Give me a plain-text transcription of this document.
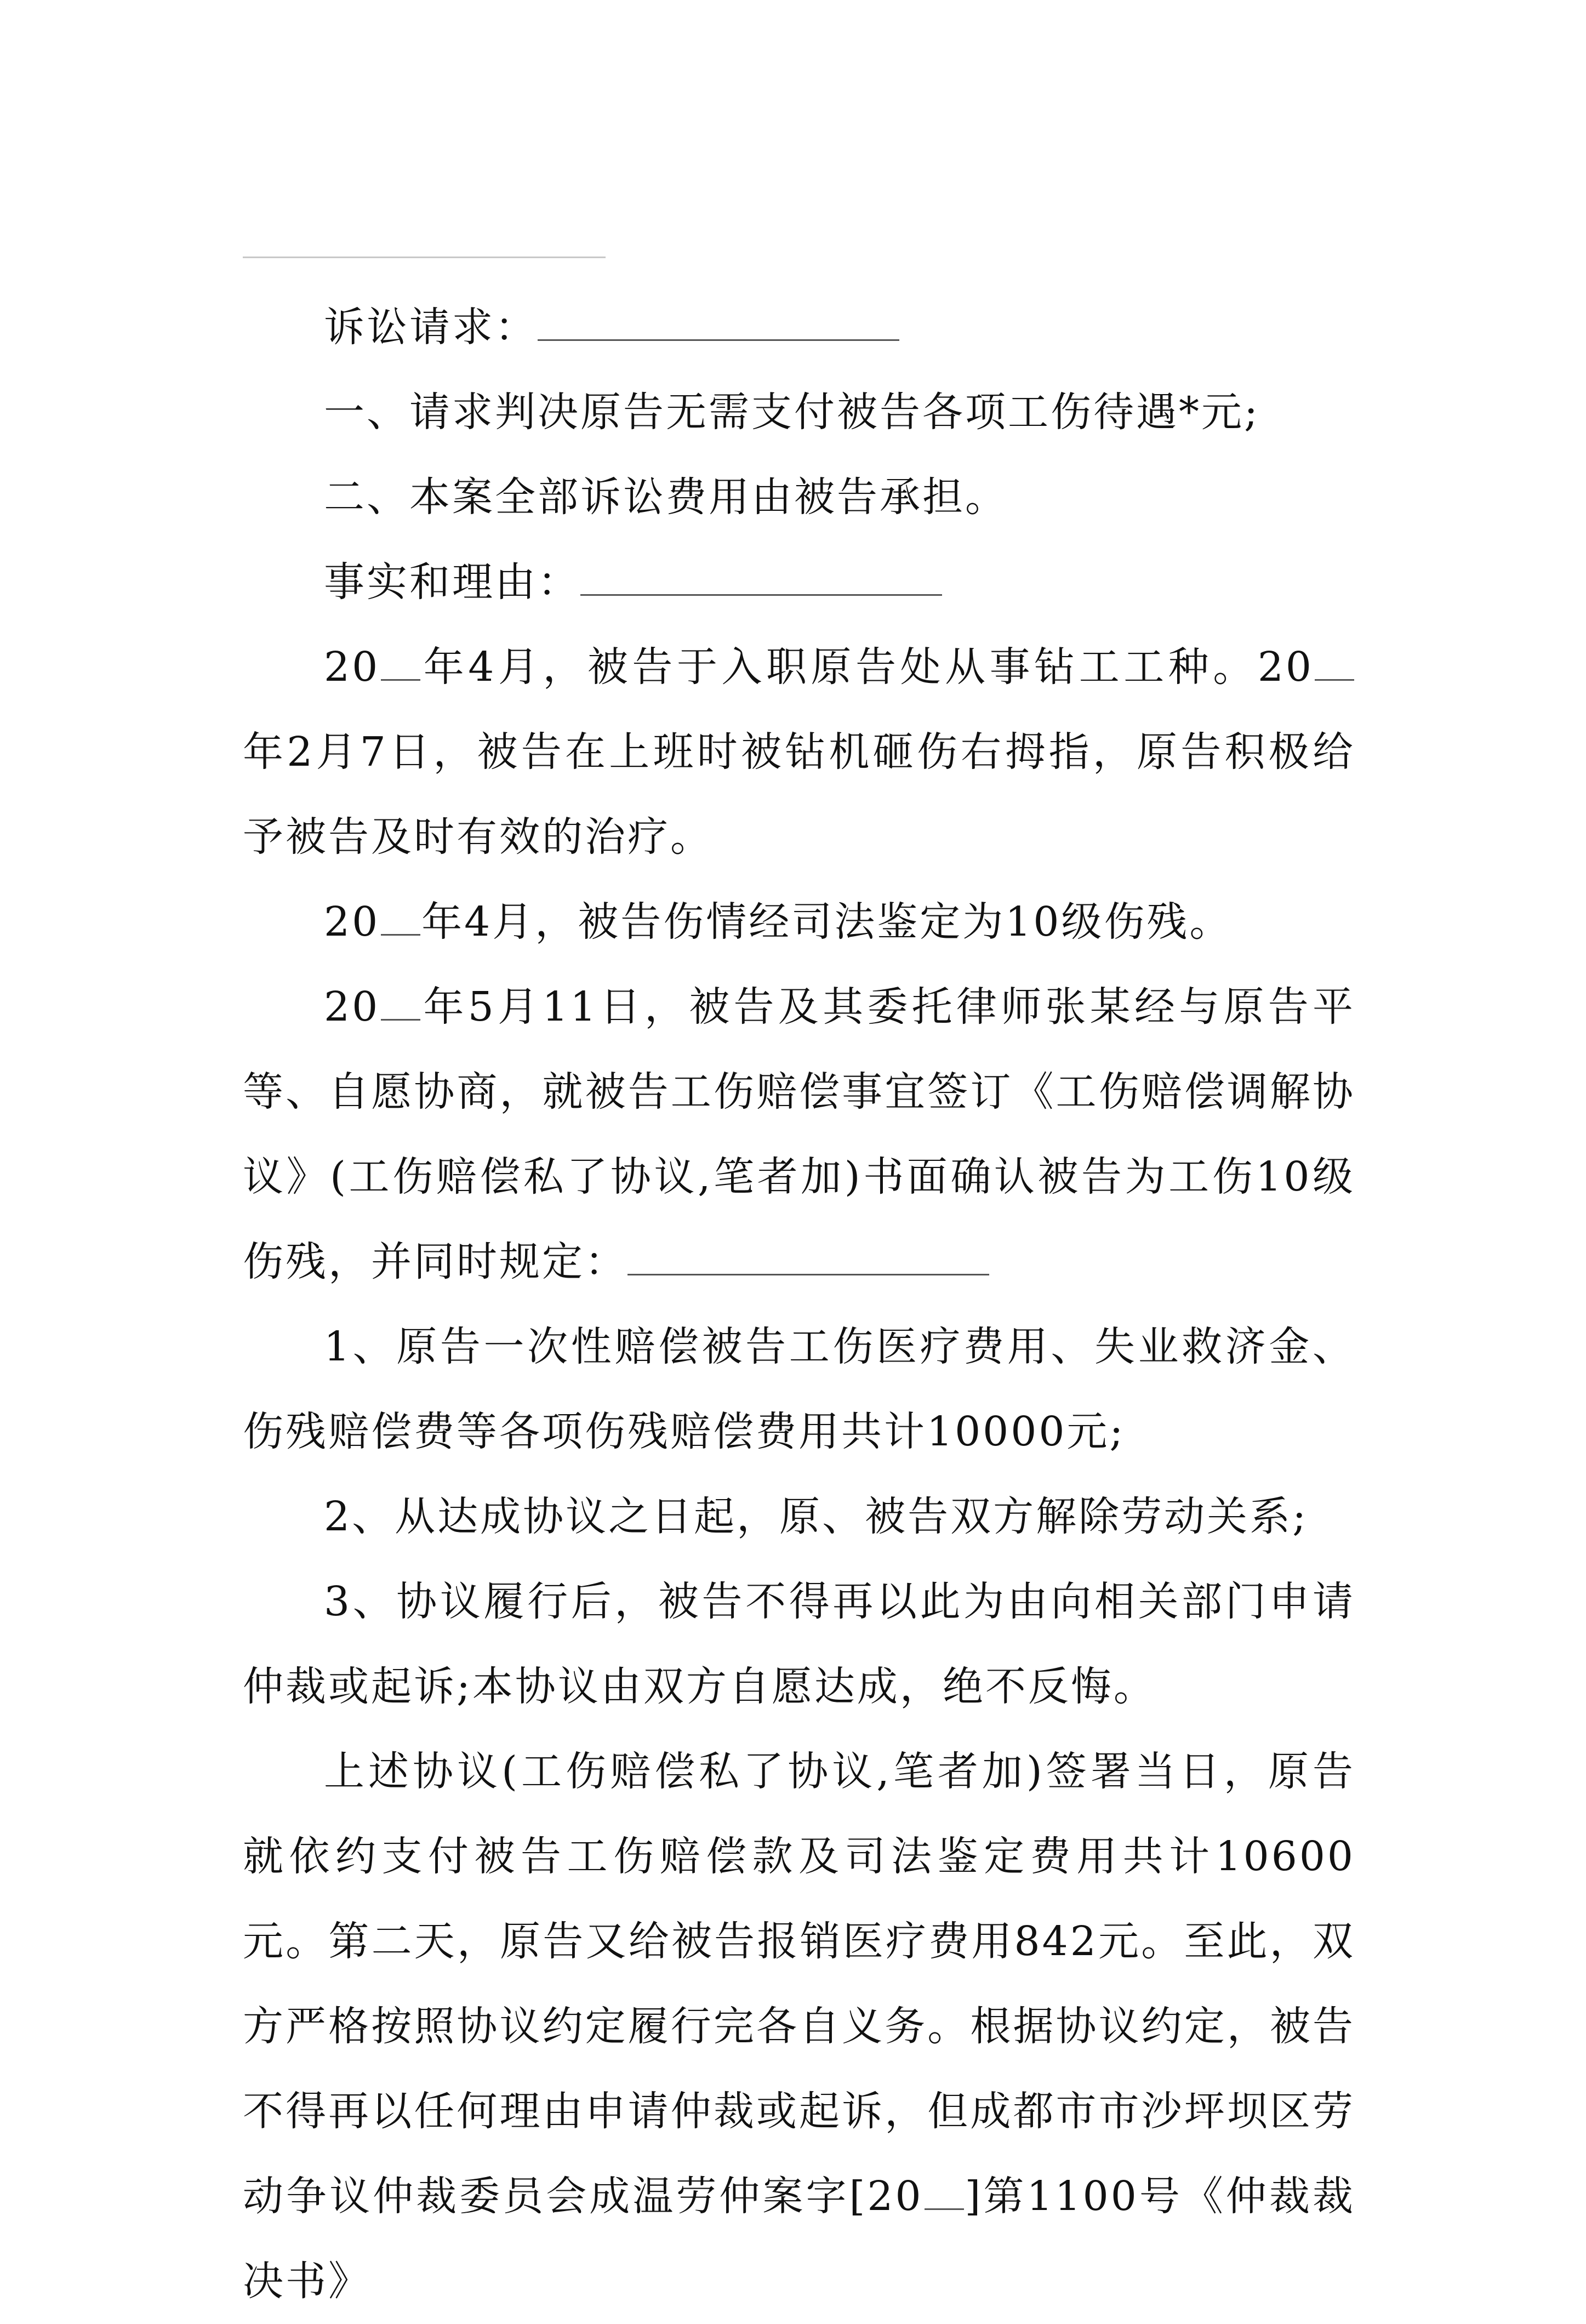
诉讼请求：

一、请求判决原告无需支付被告各项工伤待遇*元;

二、本案全部诉讼费用由被告承担。

事实和理由：

20 年4月，被告于入职原告处从事钻工工种。20年2月7日，被告在上班时被钻机砸伤右拇指，原告积极给予被告及时有效的治疗。

20 年4月，被告伤情经司法鉴定为10级伤残。

20 年5月11日，被告及其委托律师张某经与原告平等、自愿协商，就被告工伤赔偿事宜签订《工伤赔偿调解协议》(工伤赔偿私了协议,笔者加)书面确认被告为工伤10级伤残，并同时规定：

1、原告一次性赔偿被告工伤医疗费用、失业救济金、伤残赔偿费等各项伤残赔偿费用共计10000元;

2、从达成协议之日起，原、被告双方解除劳动关系;

3、协议履行后，被告不得再以此为由向相关部门申请仲裁或起诉;本协议由双方自愿达成，绝不反悔。

上述协议(工伤赔偿私了协议,笔者加)签署当日，原告就依约支付被告工伤赔偿款及司法鉴定费用共计10600元。第二天，原告又给被告报销医疗费用842元。至此，双方严格按照协议约定履行完各自义务。根据协议约定，被告不得再以任何理由申请仲裁或起诉，但成都市市沙坪坝区劳动争议仲裁委员会成温劳仲案字[20 ]第1100号《仲裁裁决书》
